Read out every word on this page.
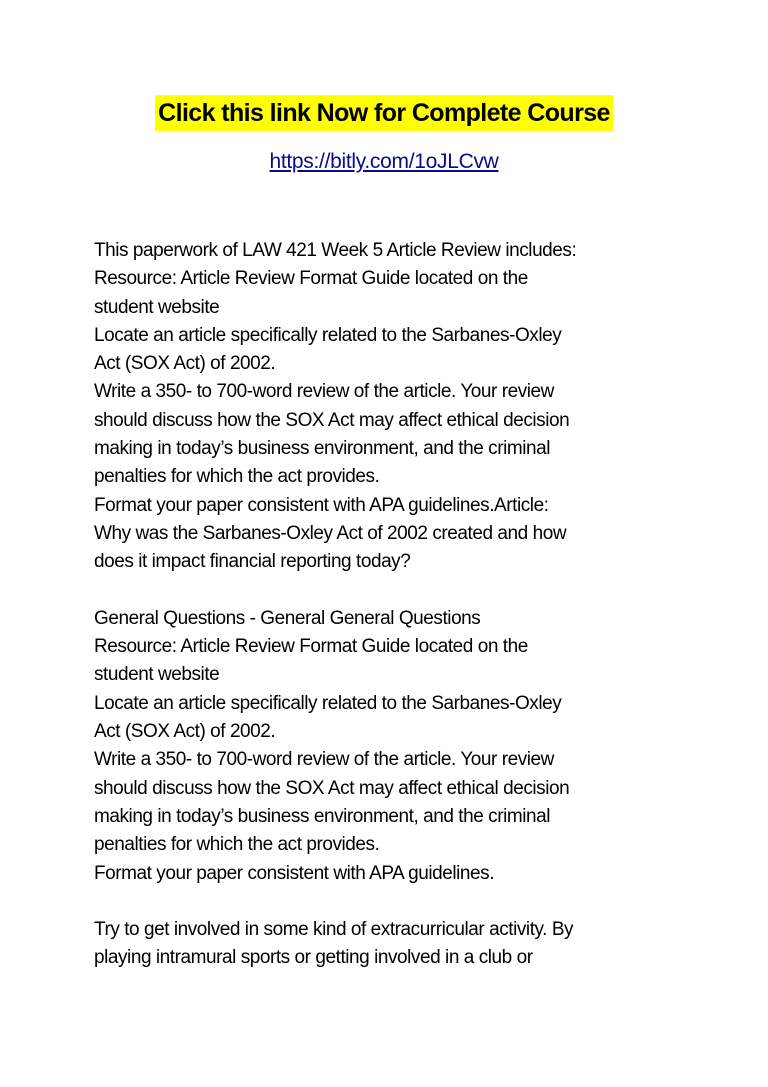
Click this link Now for Complete Course
https://bitly.com/1oJLCvw
This paperwork of LAW 421 Week 5 Article Review includes:
Resource: Article Review Format Guide located on the
student website
Locate an article specifically related to the Sarbanes-Oxley
Act (SOX Act) of 2002.
Write a 350- to 700-word review of the article. Your review
should discuss how the SOX Act may affect ethical decision
making in today’s business environment, and the criminal
penalties for which the act provides.
Format your paper consistent with APA guidelines.Article:
Why was the Sarbanes-Oxley Act of 2002 created and how
does it impact financial reporting today?
General Questions - General General Questions
Resource: Article Review Format Guide located on the
student website
Locate an article specifically related to the Sarbanes-Oxley
Act (SOX Act) of 2002.
Write a 350- to 700-word review of the article. Your review
should discuss how the SOX Act may affect ethical decision
making in today’s business environment, and the criminal
penalties for which the act provides.
Format your paper consistent with APA guidelines.
Try to get involved in some kind of extracurricular activity. By
playing intramural sports or getting involved in a club or
